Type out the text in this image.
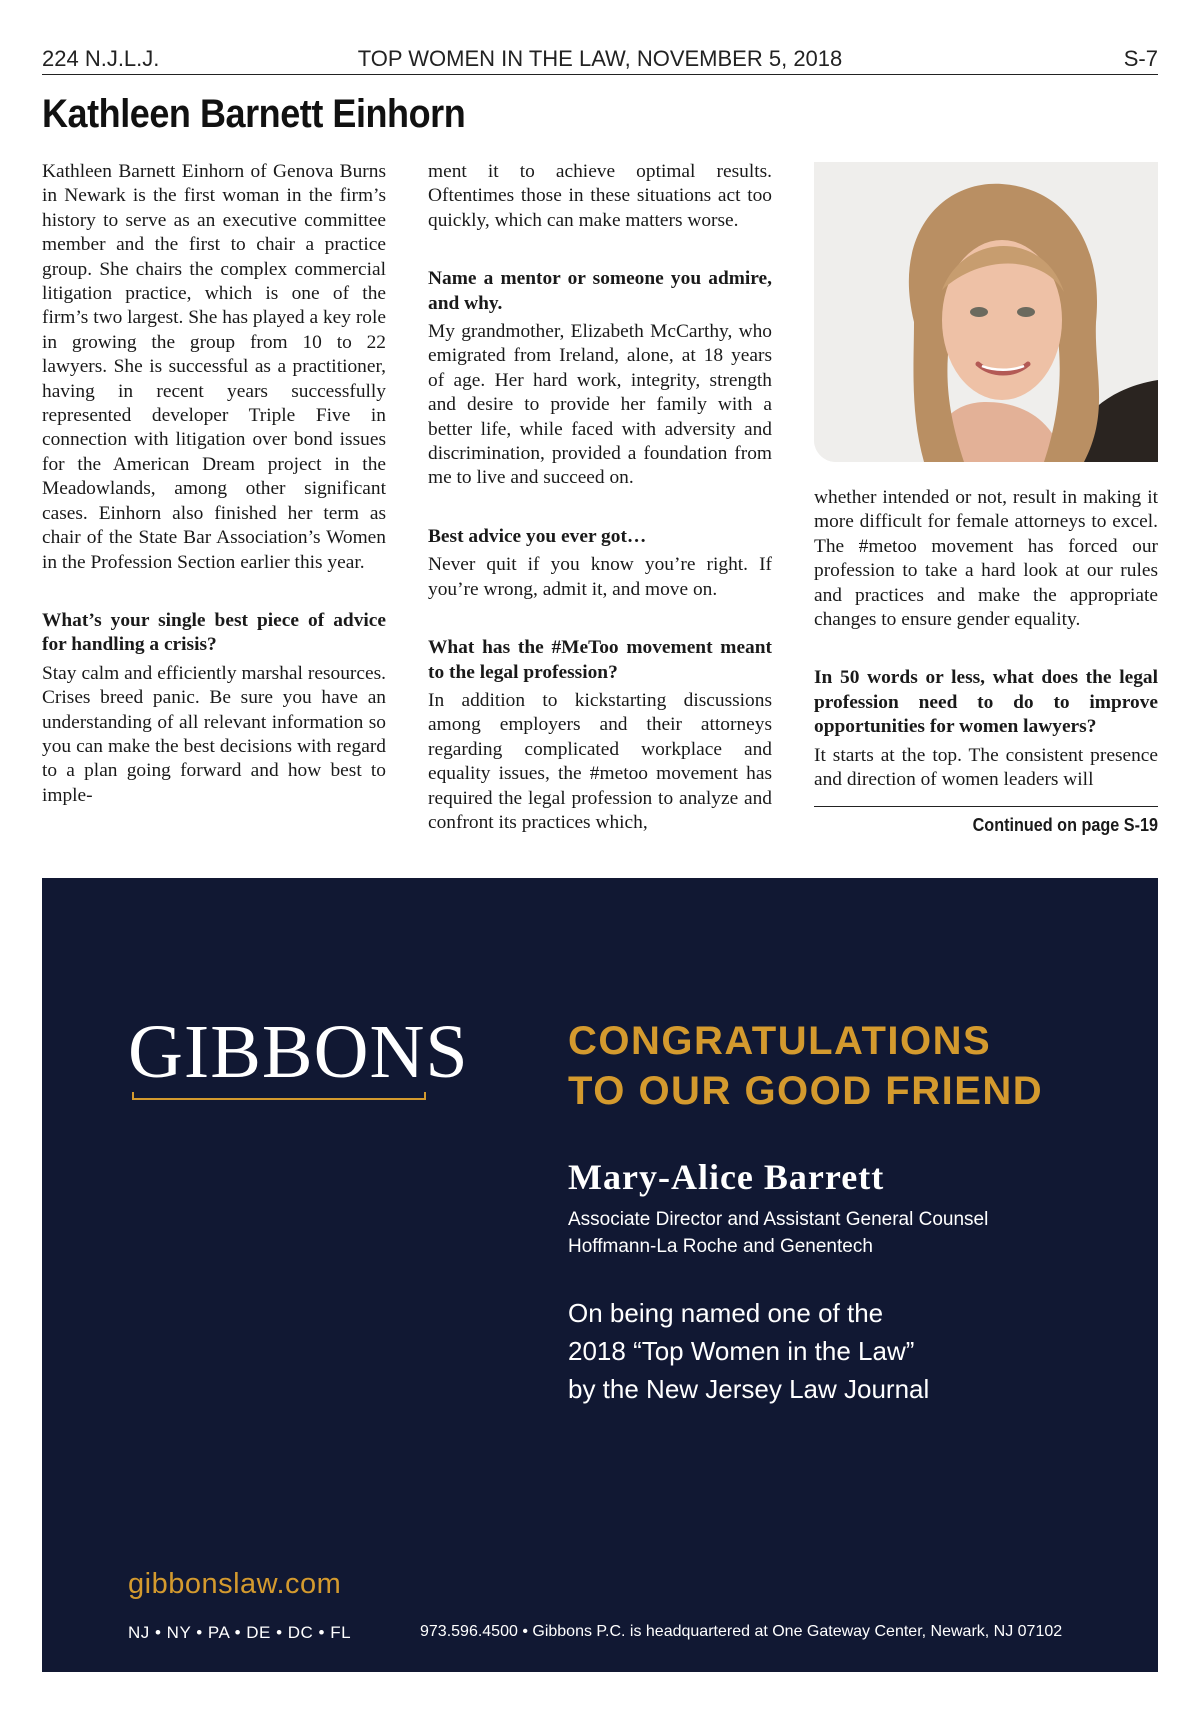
224 N.J.L.J.	TOP WOMEN IN THE LAW, NOVEMBER 5, 2018	S-7
Kathleen Barnett Einhorn

Kathleen Barnett Einhorn of Genova Burns in Newark is the first woman in the firm’s history to serve as an executive committee member and the first to chair a practice group. She chairs the complex commercial litigation practice, which is one of the firm’s two largest. She has played a key role in growing the group from 10 to 22 lawyers. She is successful as a practitioner, having in recent years successfully represented developer Triple Five in connection with litigation over bond issues for the American Dream project in the Meadowlands, among other significant cases. Einhorn also finished her term as chair of the State Bar Association’s Women in the Profession Section earlier this year.

What’s your single best piece of advice for handling a crisis?

Stay calm and efficiently marshal resources. Crises breed panic. Be sure you have an understanding of all relevant information so you can make the best decisions with regard to a plan going forward and how best to imple-

ment it to achieve optimal results. Oftentimes those in these situations act too quickly, which can make matters worse.

Name a mentor or someone you admire, and why.

My grandmother, Elizabeth McCarthy, who emigrated from Ireland, alone, at 18 years of age. Her hard work, integrity, strength and desire to provide her family with a better life, while faced with adversity and discrimination, provided a foundation from me to live and succeed on.

Best advice you ever got…

Never quit if you know you’re right. If you’re wrong, admit it, and move on.

What has the #MeToo movement meant to the legal profession?

In addition to kickstarting discussions among employers and their attorneys regarding complicated workplace and equality issues, the #metoo movement has required the legal profession to analyze and confront its practices which,

whether intended or not, result in making it more difficult for female attorneys to excel. The #metoo movement has forced our profession to take a hard look at our rules and practices and make the appropriate changes to ensure gender equality.

In 50 words or less, what does the legal profession need to do to improve opportunities for women lawyers?

It starts at the top. The consistent presence and direction of women leaders will

Continued on page S-19
GIBBONS CONGRATULATIONS
TO OUR GOOD FRIEND
Mary-Alice Barrett
Associate Director and Assistant General Counsel
Hoffmann-La Roche and Genentech
On being named one of the
2018 “Top Women in the Law”
by the New Jersey Law Journal
gibbonslaw.com
NJ • NY • PA • DE • DC • FL	973.596.4500 • Gibbons P.C. is headquartered at One Gateway Center, Newark, NJ 07102
